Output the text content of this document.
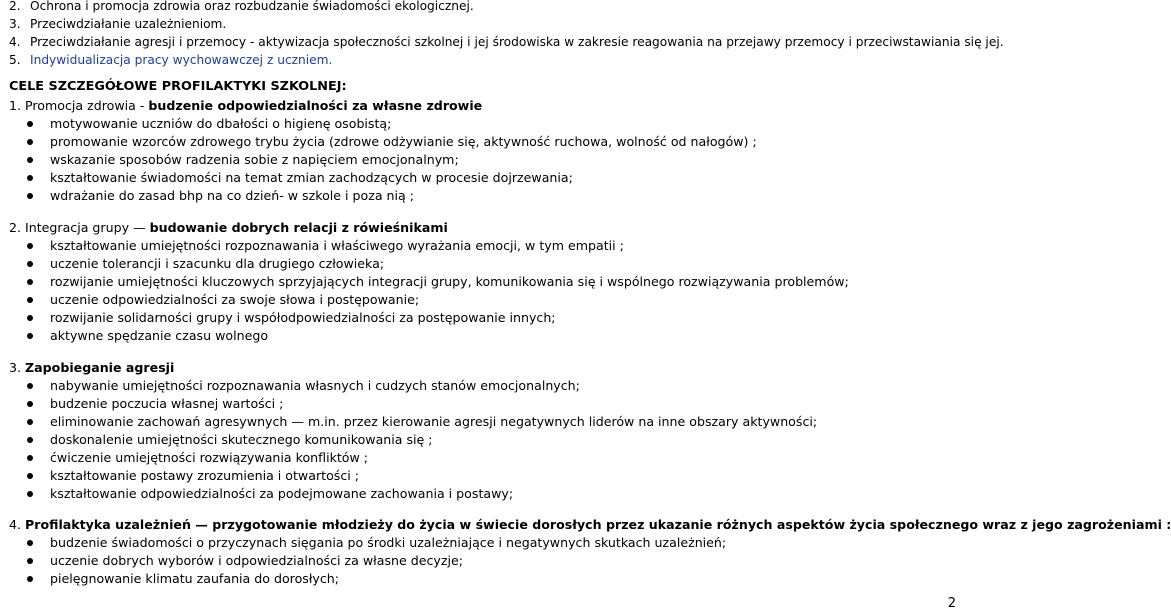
2. Ochrona i promocja zdrowia oraz rozbudzanie świadomości ekologicznej.
3. Przeciwdziałanie uzależnieniom.
4. Przeciwdziałanie agresji i przemocy - aktywizacja społeczności szkolnej i jej środowiska w zakresie reagowania na przejawy przemocy i przeciwstawiania się jej.
5. Indywidualizacja pracy wychowawczej z uczniem.
CELE SZCZEGÓŁOWE PROFILAKTYKI SZKOLNEJ:
1. Promocja zdrowia - budzenie odpowiedzialności za własne zdrowie
motywowanie uczniów do dbałości o higienę osobistą;
promowanie wzorców zdrowego trybu życia (zdrowe odżywianie się, aktywność ruchowa, wolność od nałogów) ;
wskazanie sposobów radzenia sobie z napięciem emocjonalnym;
kształtowanie świadomości na temat zmian zachodzących w procesie dojrzewania;
wdrażanie do zasad bhp na co dzień- w szkole i poza nią ;
2. Integracja grupy — budowanie dobrych relacji z rówieśnikami
kształtowanie umiejętności rozpoznawania i właściwego wyrażania emocji, w tym empatii ;
uczenie tolerancji i szacunku dla drugiego człowieka;
rozwijanie umiejętności kluczowych sprzyjających integracji grupy, komunikowania się i wspólnego rozwiązywania problemów;
uczenie odpowiedzialności za swoje słowa i postępowanie;
rozwijanie solidarności grupy i współodpowiedzialności za postępowanie innych;
aktywne spędzanie czasu wolnego
3. Zapobieganie agresji
nabywanie umiejętności rozpoznawania własnych i cudzych stanów emocjonalnych;
budzenie poczucia własnej wartości ;
eliminowanie zachowań agresywnych — m.in. przez kierowanie agresji negatywnych liderów na inne obszary aktywności;
doskonalenie umiejętności skutecznego komunikowania się ;
ćwiczenie umiejętności rozwiązywania konfliktów ;
kształtowanie postawy zrozumienia i otwartości ;
kształtowanie odpowiedzialności za podejmowane zachowania i postawy;
4. Profilaktyka uzależnień — przygotowanie młodzieży do życia w świecie dorosłych przez ukazanie różnych aspektów życia społecznego wraz z jego zagrożeniami :
budzenie świadomości o przyczynach sięgania po środki uzależniające i negatywnych skutkach uzależnień;
uczenie dobrych wyborów i odpowiedzialności za własne decyzje;
pielęgnowanie klimatu zaufania do dorosłych;
2
